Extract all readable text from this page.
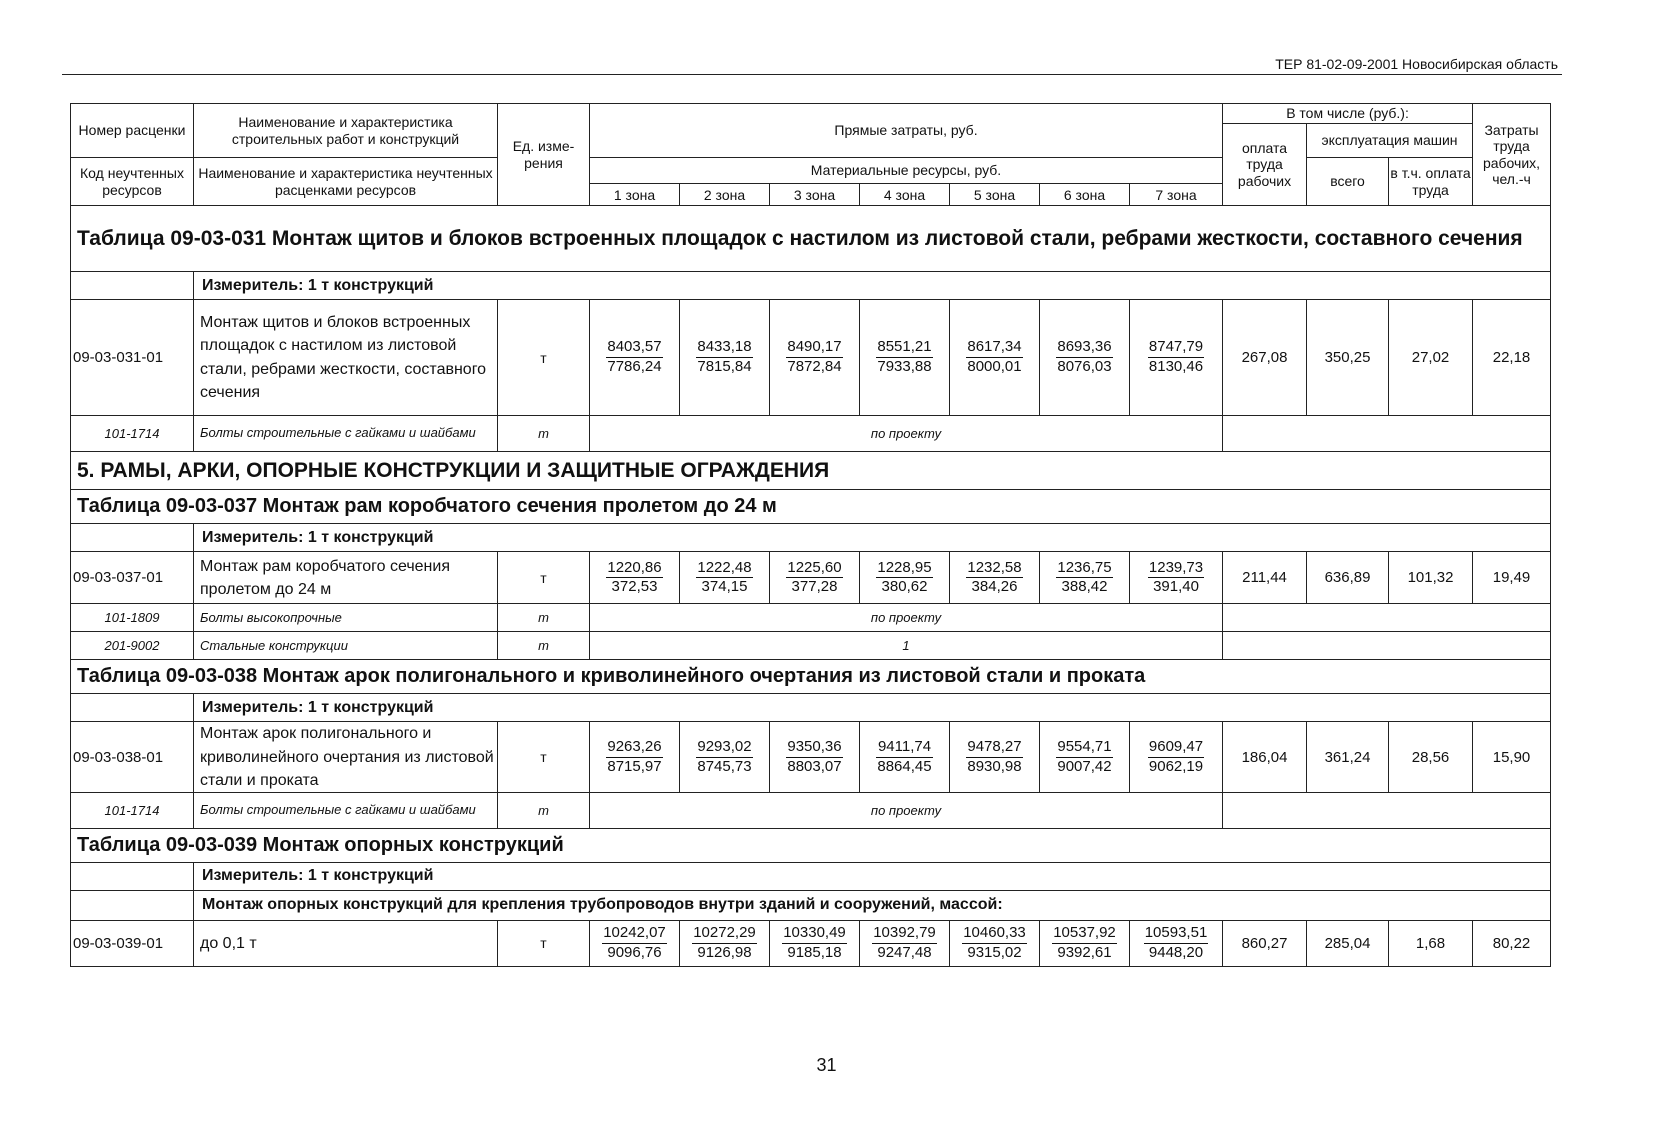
ТЕР 81-02-09-2001 Новосибирская область
Номер расценки	Наименование и характеристика строительных работ и конструкций	Ед. изме-рения	Прямые затраты, руб.							В том числе (руб.):			Затраты труда рабочих, чел.-ч
										оплата труда рабочих	эксплуатация машин		
Код неучтенных ресурсов	Наименование и характеристика неучтенных расценками ресурсов		Материальные ресурсы, руб.								всего	в т.ч. оплата труда	
			1 зона	2 зона	3 зона	4 зона	5 зона	6 зона	7 зона				
Таблица 09-03-031 Монтаж щитов и блоков встроенных площадок с настилом из листовой стали, ребрами жесткости, составного сечения													
	Измеритель: 1 т конструкций												
09-03-031-01	Монтаж щитов и блоков встроенных площадок с настилом из листовой стали, ребрами жесткости, составного сечения	т	$\frac{8403,57}{7786,24}$	$\frac{8433,18}{7815,84}$	$\frac{8490,17}{7872,84}$	$\frac{8551,21}{7933,88}$	$\frac{8617,34}{8000,01}$	$\frac{8693,36}{8076,03}$	$\frac{8747,79}{8130,46}$	267,08	350,25	27,02	22,18
101-1714	Болты строительные с гайками и шайбами	т	по проекту										
5. РАМЫ, АРКИ, ОПОРНЫЕ КОНСТРУКЦИИ И ЗАЩИТНЫЕ ОГРАЖДЕНИЯ													
Таблица 09-03-037 Монтаж рам коробчатого сечения пролетом до 24 м													
	Измеритель: 1 т конструкций												
09-03-037-01	Монтаж рам коробчатого сечения пролетом до 24 м	т	$\frac{1220,86}{372,53}$	$\frac{1222,48}{374,15}$	$\frac{1225,60}{377,28}$	$\frac{1228,95}{380,62}$	$\frac{1232,58}{384,26}$	$\frac{1236,75}{388,42}$	$\frac{1239,73}{391,40}$	211,44	636,89	101,32	19,49
101-1809	Болты высокопрочные	т	по проекту										
201-9002	Стальные конструкции	т	1										
Таблица 09-03-038 Монтаж арок полигонального и криволинейного очертания из листовой стали и проката													
	Измеритель: 1 т конструкций												
09-03-038-01	Монтаж арок полигонального и криволинейного очертания из листовой стали и проката	т	$\frac{9263,26}{8715,97}$	$\frac{9293,02}{8745,73}$	$\frac{9350,36}{8803,07}$	$\frac{9411,74}{8864,45}$	$\frac{9478,27}{8930,98}$	$\frac{9554,71}{9007,42}$	$\frac{9609,47}{9062,19}$	186,04	361,24	28,56	15,90
101-1714	Болты строительные с гайками и шайбами	т	по проекту										
Таблица 09-03-039 Монтаж опорных конструкций													
	Измеритель: 1 т конструкций												
	Монтаж опорных конструкций для крепления трубопроводов внутри зданий и сооружений, массой:												
09-03-039-01	до 0,1 т	т	$\frac{10242,07}{9096,76}$	$\frac{10272,29}{9126,98}$	$\frac{10330,49}{9185,18}$	$\frac{10392,79}{9247,48}$	$\frac{10460,33}{9315,02}$	$\frac{10537,92}{9392,61}$	$\frac{10593,51}{9448,20}$	860,27	285,04	1,68	80,22
31
